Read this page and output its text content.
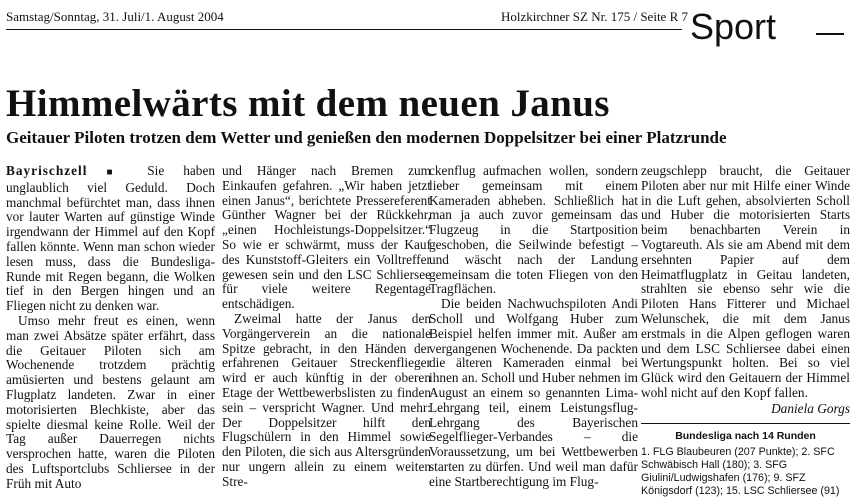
Samstag/Sonntag, 31. Juli/1. August 2004	Holzkirchner SZ Nr. 175 / Seite R 7 Sport
Himmelwärts mit dem neuen Janus
Geitauer Piloten trotzen dem Wetter und genießen den modernen Doppelsitzer bei einer Platzrunde

Bayrischzell ■ Sie haben unglaublich viel Geduld. Doch manchmal befürchtet man, dass ihnen vor lauter Warten auf günstige Winde irgendwann der Himmel auf den Kopf fallen könnte. Wenn man schon wieder lesen muss, dass die Bundesliga-Runde mit Regen begann, die Wolken tief in den Bergen hingen und an Fliegen nicht zu denken war.

Umso mehr freut es einen, wenn man zwei Absätze später erfährt, dass die Geitauer Piloten sich am Wochenende trotzdem prächtig amüsierten und bestens gelaunt am Flugplatz landeten. Zwar in einer motorisierten Blechkiste, aber das spielte diesmal keine Rolle. Weil der Tag außer Dauerregen nichts versprochen hatte, waren die Piloten des Luftsportclubs Schliersee in der Früh mit Auto

und Hänger nach Bremen zum Einkaufen gefahren. „Wir haben jetzt einen Janus“, berichtete Pressereferent Günther Wagner bei der Rückkehr, „einen Hochleistungs-Doppelsitzer.“ So wie er schwärmt, muss der Kauf des Kunststoff-Gleiters ein Volltreffer gewesen sein und den LSC Schliersee für viele weitere Regentage entschädigen.

Zweimal hatte der Janus den Vorgängerverein an die nationale Spitze gebracht, in den Händen der erfahrenen Geitauer Streckenflieger wird er auch künftig in der oberen Etage der Wettbewerbslisten zu finden sein – verspricht Wagner. Und mehr: Der Doppelsitzer hilft den Flugschülern in den Himmel sowie den Piloten, die sich aus Altersgründen nur ungern allein zu einem weiten Stre-

ckenflug aufmachen wollen, sondern lieber gemeinsam mit einem Kameraden abheben. Schließlich hat man ja auch zuvor gemeinsam das Flugzeug in die Startposition geschoben, die Seilwinde befestigt – und wäscht nach der Landung gemeinsam die toten Fliegen von den Tragflächen.

Die beiden Nachwuchspiloten Andi Scholl und Wolfgang Huber zum Beispiel helfen immer mit. Außer am vergangenen Wochenende. Da packten die älteren Kameraden einmal bei ihnen an. Scholl und Huber nehmen im August an einem so genannten Lima-Lehrgang teil, einem Leistungsflug-Lehrgang des Bayerischen Segelflieger-Verbandes – die Voraussetzung, um bei Wettbewerben starten zu dürfen. Und weil man dafür eine Startberechtigung im Flug-

zeugschlepp braucht, die Geitauer Piloten aber nur mit Hilfe einer Winde in die Luft gehen, absolvierten Scholl und Huber die motorisierten Starts beim benachbarten Verein in Vogtareuth. Als sie am Abend mit dem ersehnten Papier auf dem Heimatflugplatz in Geitau landeten, strahlten sie ebenso sehr wie die Piloten Hans Fitterer und Michael Welunschek, die mit dem Janus erstmals in die Alpen geflogen waren und dem LSC Schliersee dabei einen Wertungspunkt holten. Bei so viel Glück wird den Geitauern der Himmel wohl nicht auf den Kopf fallen.

Daniela Gorgs
Bundesliga nach 14 Runden
1. FLG Blaubeuren (207 Punkte); 2. SFC Schwäbisch Hall (180); 3. SFG Giulini/Ludwigshafen (176); 9. SFZ Königsdorf (123); 15. LSC Schliersee (91)
